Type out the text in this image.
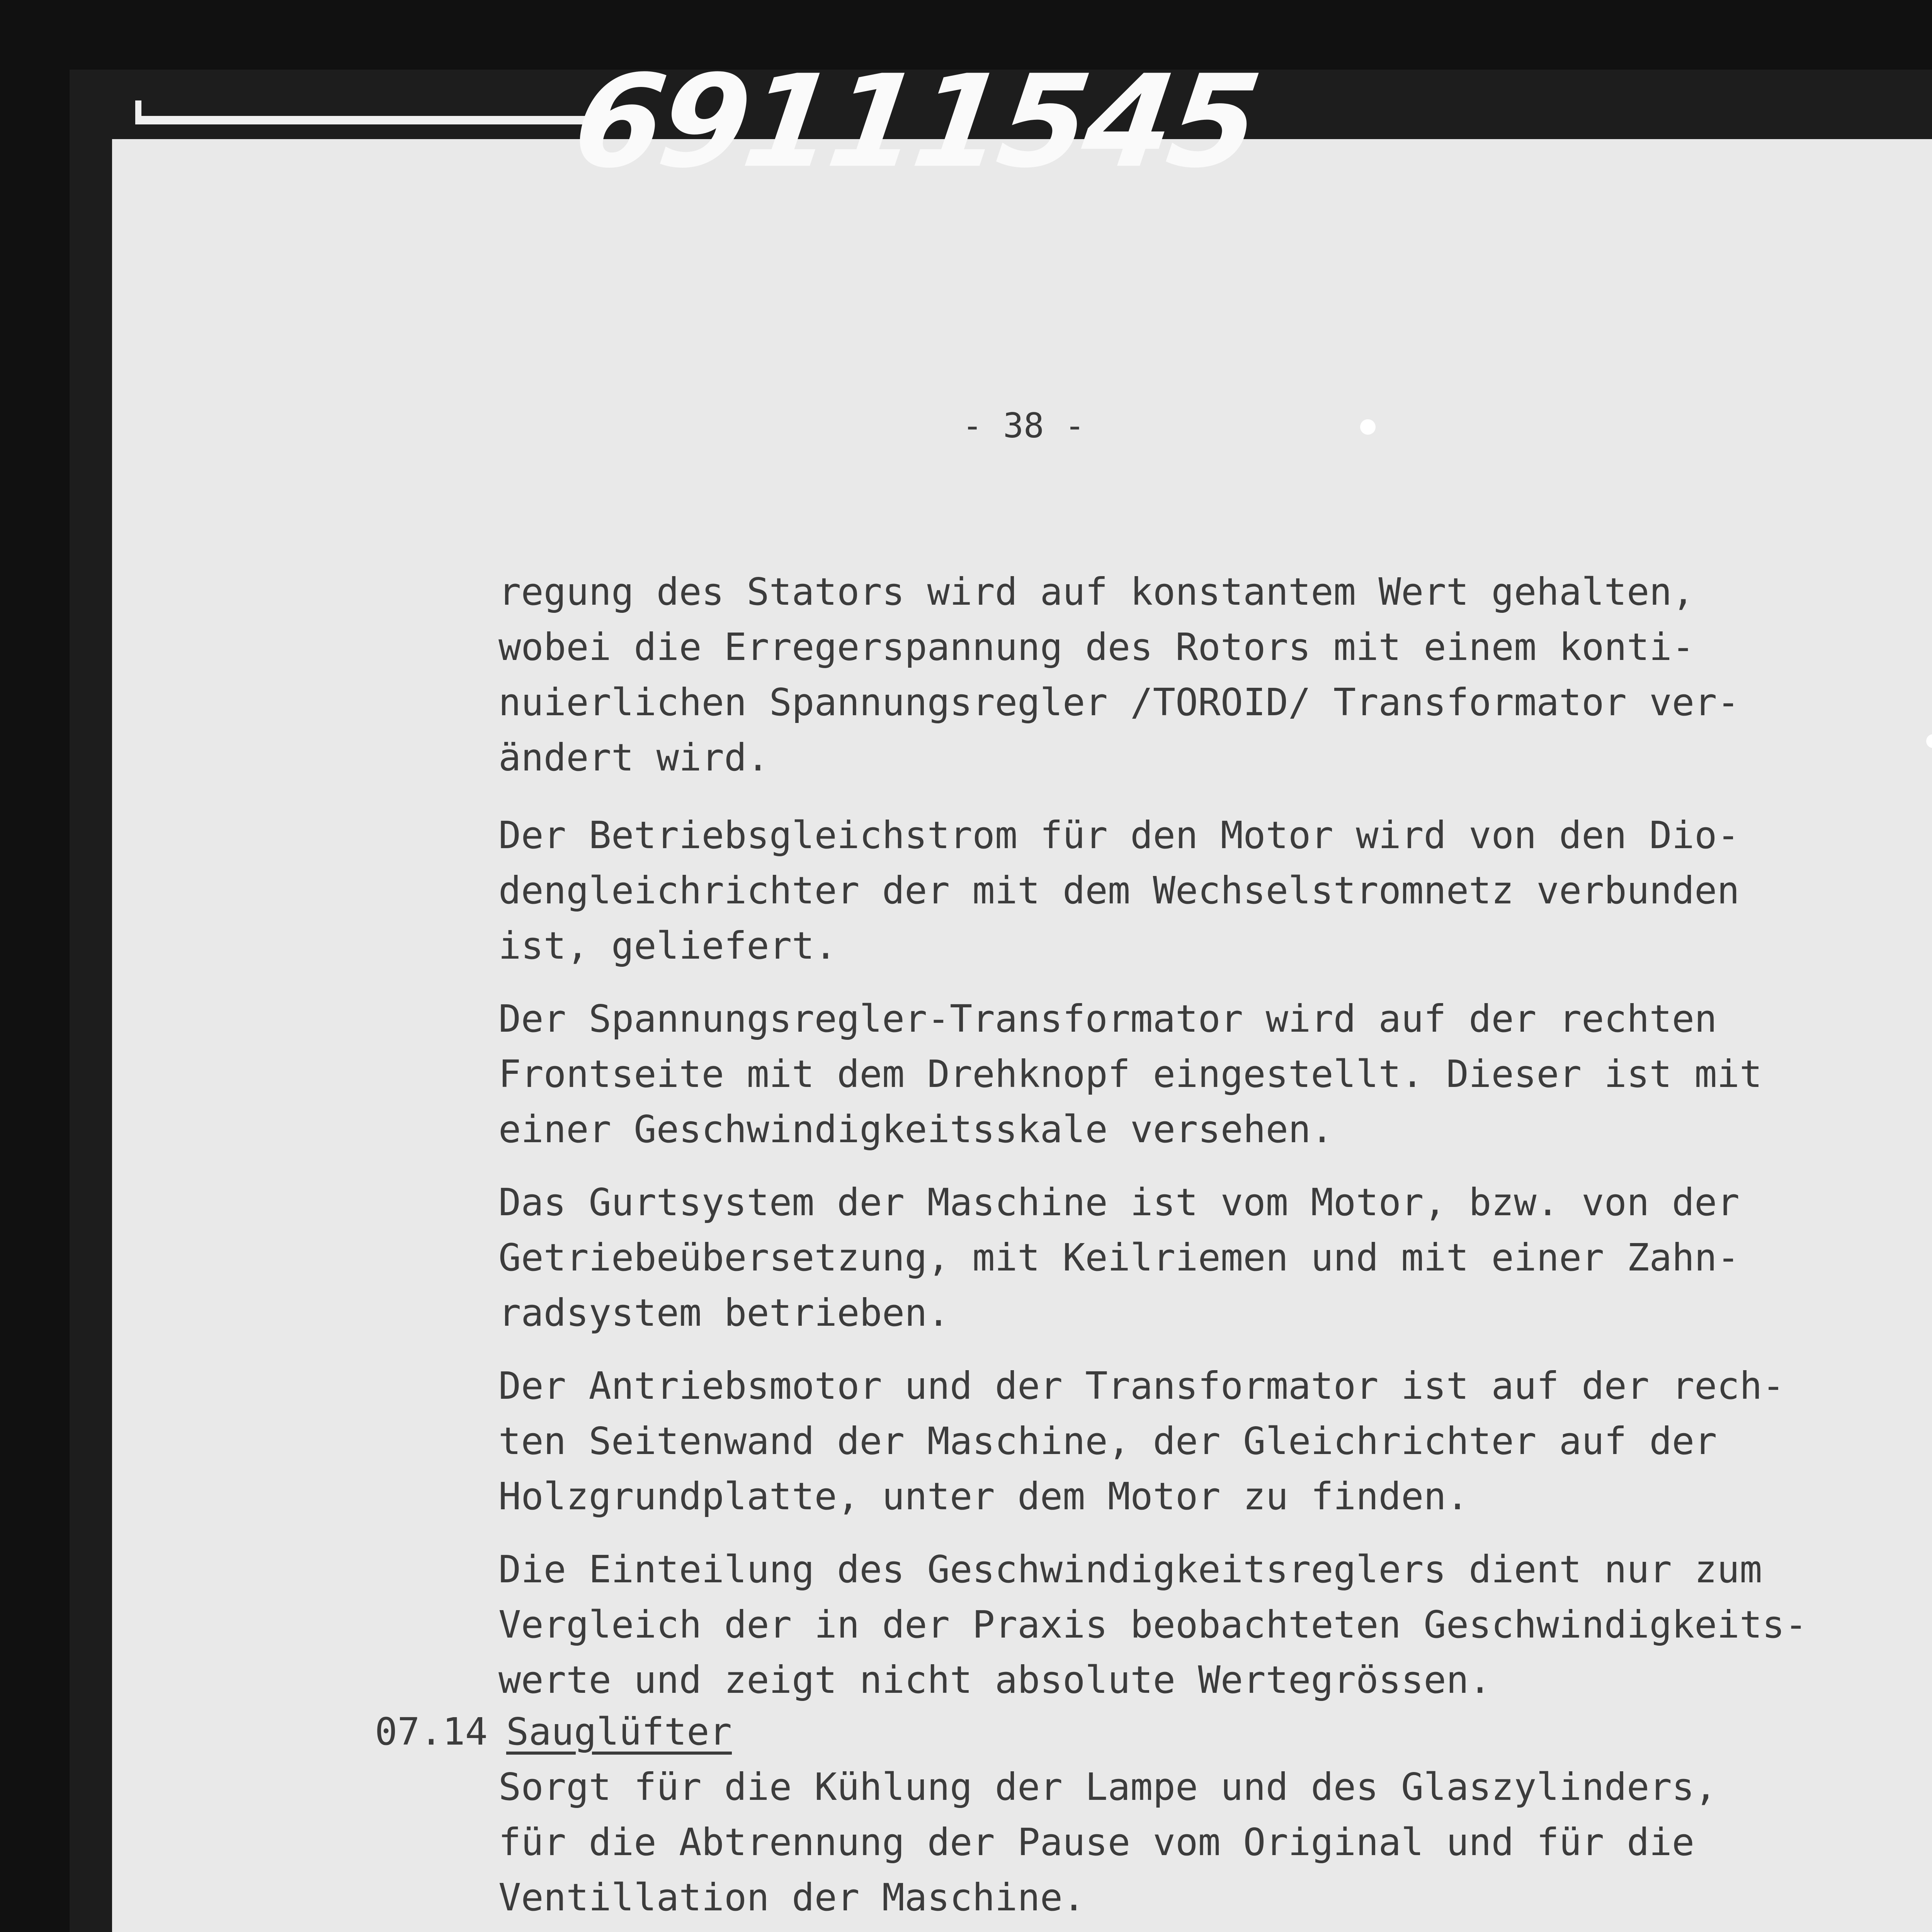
69111545
- 38 -

regung des Stators wird auf konstantem Wert gehalten,
wobei die Erregerspannung des Rotors mit einem konti-
nuierlichen Spannungsregler /TOROID/ Transformator ver-
ändert wird.

Der Betriebsgleichstrom für den Motor wird von den Dio-
dengleichrichter der mit dem Wechselstromnetz verbunden
ist, geliefert.

Der Spannungsregler-Transformator wird auf der rechten
Frontseite mit dem Drehknopf eingestellt. Dieser ist mit
einer Geschwindigkeitsskale versehen.

Das Gurtsystem der Maschine ist vom Motor, bzw. von der
Getriebeübersetzung, mit Keilriemen und mit einer Zahn-
radsystem betrieben.

Der Antriebsmotor und der Transformator ist auf der rech-
ten Seitenwand der Maschine, der Gleichrichter auf der
Holzgrundplatte, unter dem Motor zu finden.

Die Einteilung des Geschwindigkeitsreglers dient nur zum
Vergleich der in der Praxis beobachteten Geschwindigkeits-
werte und zeigt nicht absolute Wertegrössen.

07.14 Sauglüfter

Sorgt für die Kühlung der Lampe und des Glaszylinders,
für die Abtrennung der Pause vom Original und für die
Ventillation der Maschine.
